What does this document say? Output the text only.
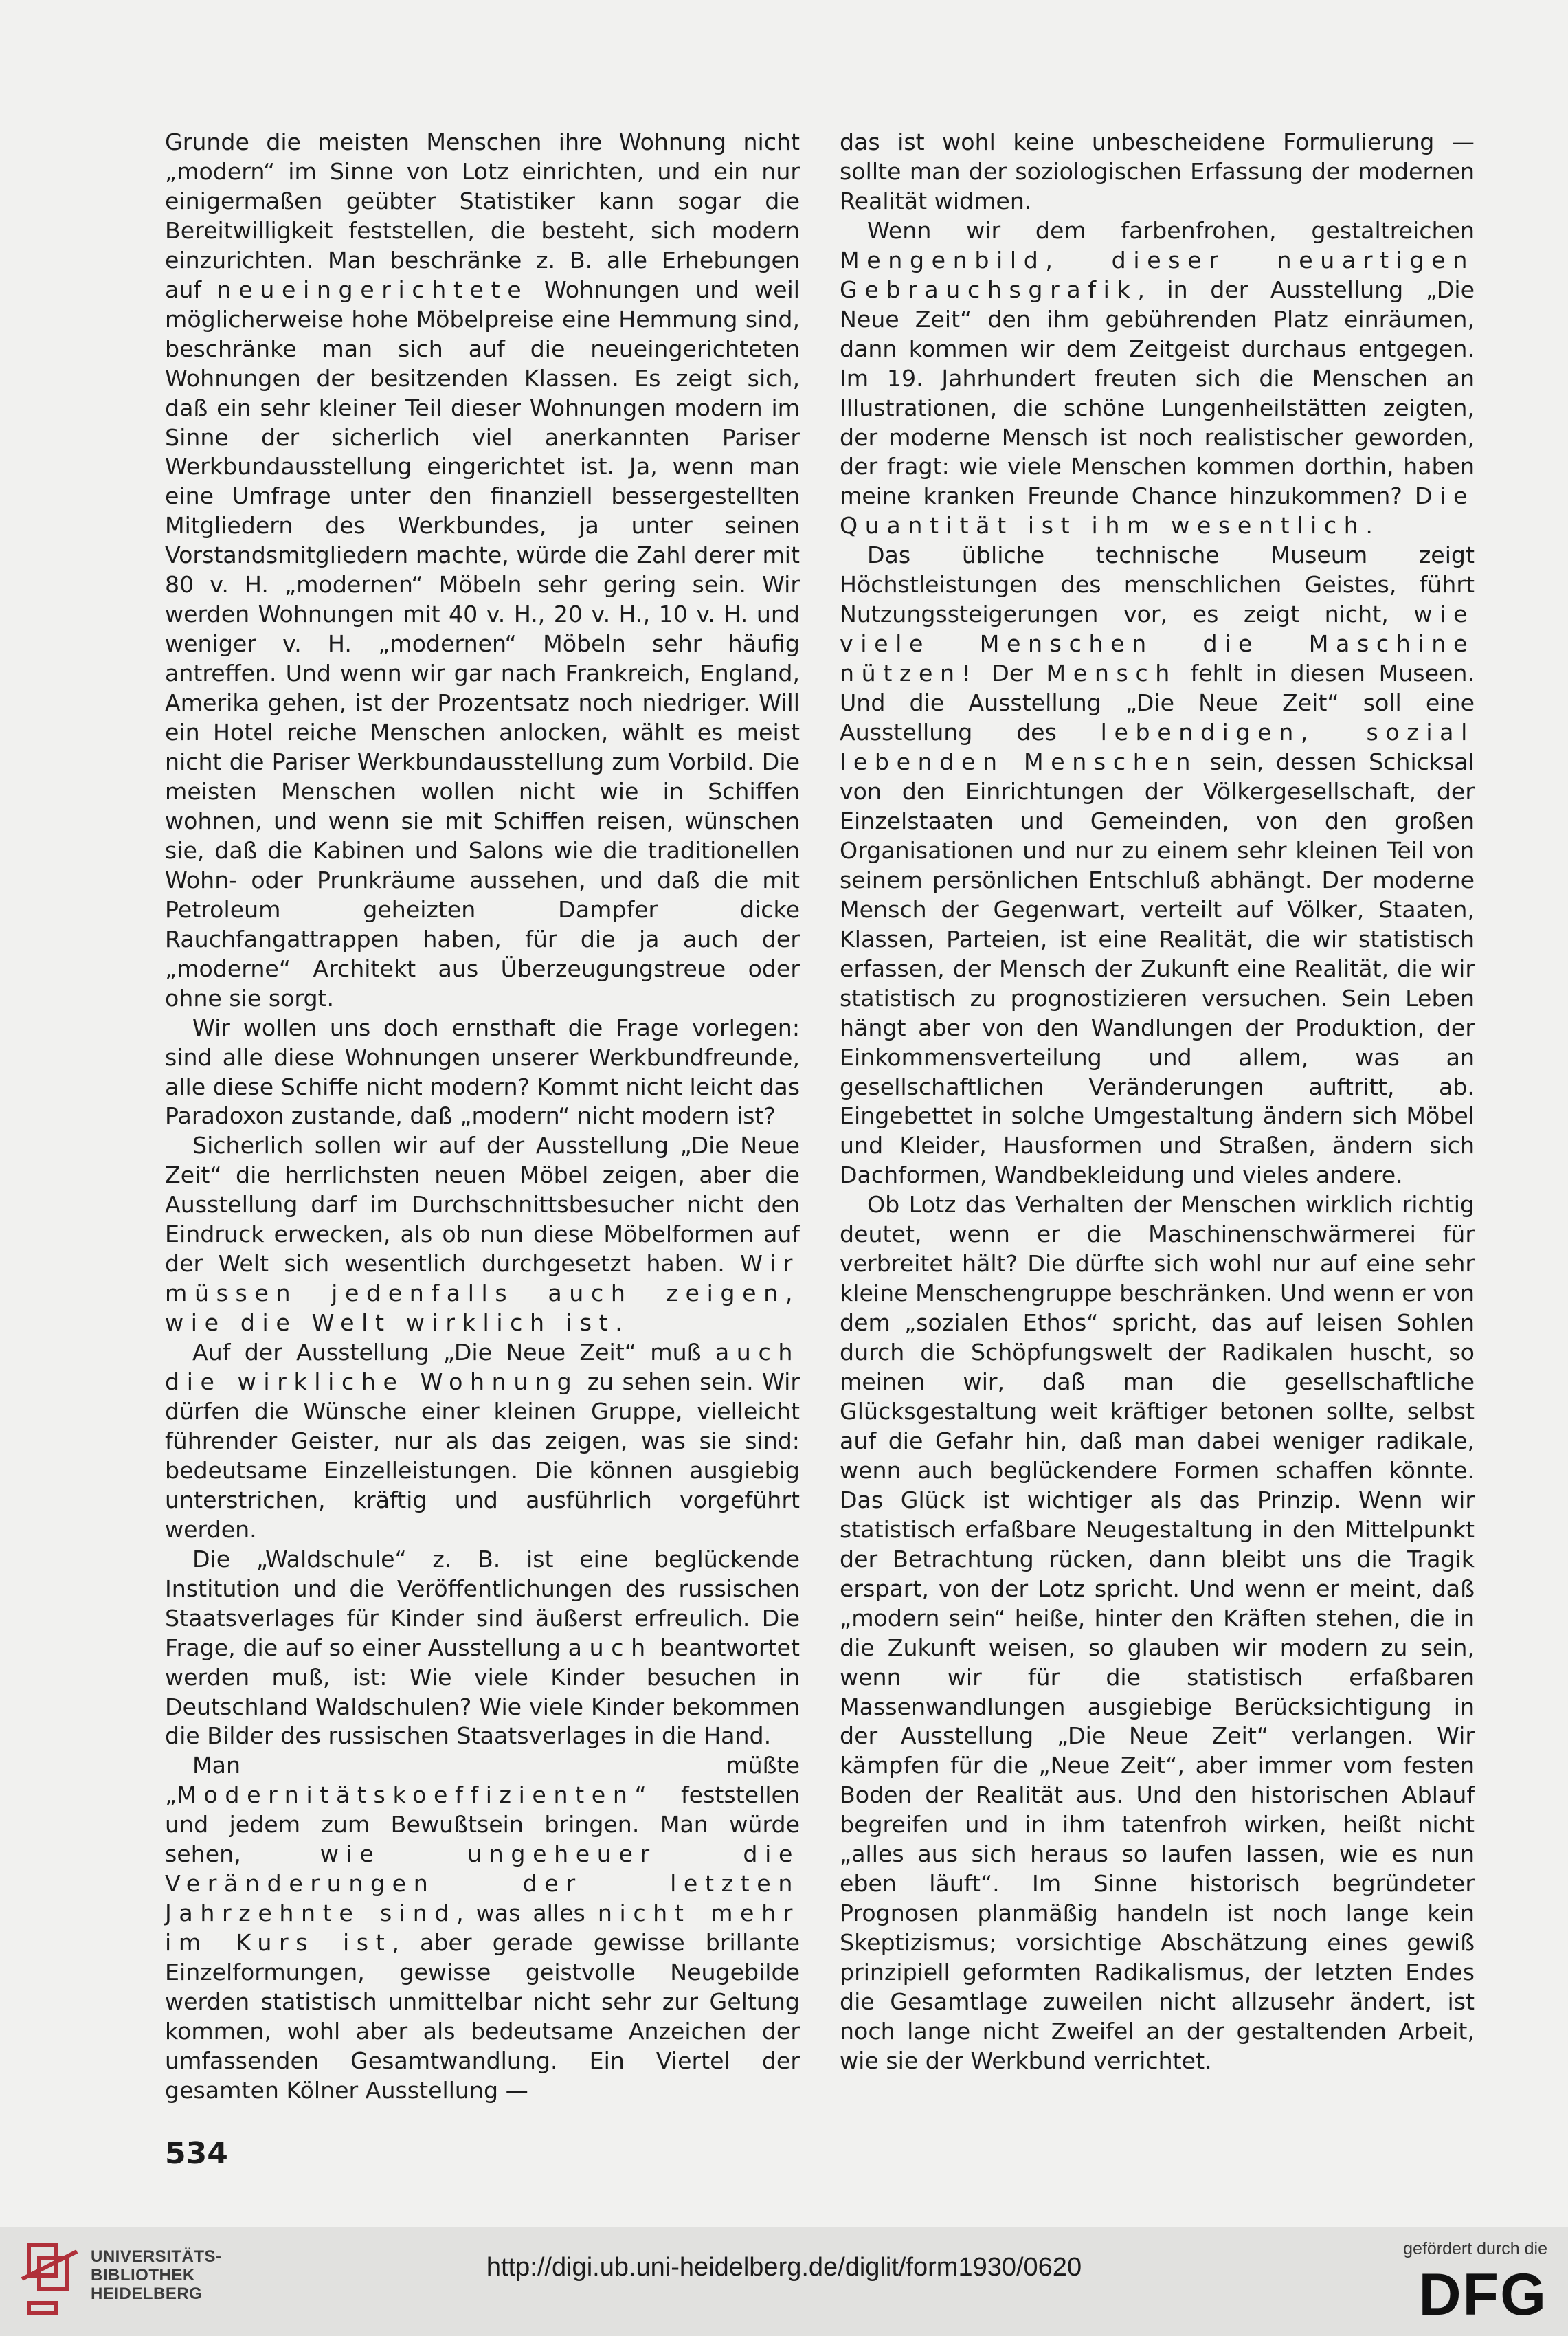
Grunde die meisten Menschen ihre Wohnung nicht „modern“ im Sinne von Lotz einrichten, und ein nur einigermaßen geübter Statistiker kann sogar die Bereitwilligkeit feststellen, die besteht, sich modern einzurichten. Man beschränke z. B. alle Erhebungen auf neueingerichtete Wohnungen und weil möglicherweise hohe Möbelpreise eine Hemmung sind, beschränke man sich auf die neueingerichteten Wohnungen der besitzenden Klassen. Es zeigt sich, daß ein sehr kleiner Teil dieser Wohnungen modern im Sinne der sicherlich viel anerkannten Pariser Werkbundausstellung eingerichtet ist. Ja, wenn man eine Umfrage unter den finanziell bessergestellten Mitgliedern des Werkbundes, ja unter seinen Vorstandsmitgliedern machte, würde die Zahl derer mit 80 v. H. „modernen“ Möbeln sehr gering sein. Wir werden Wohnungen mit 40 v. H., 20 v. H., 10 v. H. und weniger v. H. „modernen“ Möbeln sehr häufig antreffen. Und wenn wir gar nach Frankreich, England, Amerika gehen, ist der Prozentsatz noch niedriger. Will ein Hotel reiche Menschen anlocken, wählt es meist nicht die Pariser Werkbundausstellung zum Vorbild. Die meisten Menschen wollen nicht wie in Schiffen wohnen, und wenn sie mit Schiffen reisen, wünschen sie, daß die Kabinen und Salons wie die traditionellen Wohn- oder Prunkräume aussehen, und daß die mit Petroleum geheizten Dampfer dicke Rauchfangattrappen haben, für die ja auch der „moderne“ Architekt aus Überzeugungstreue oder ohne sie sorgt.

Wir wollen uns doch ernsthaft die Frage vorlegen: sind alle diese Wohnungen unserer Werkbundfreunde, alle diese Schiffe nicht modern? Kommt nicht leicht das Paradoxon zustande, daß „modern“ nicht modern ist?

Sicherlich sollen wir auf der Ausstellung „Die Neue Zeit“ die herrlichsten neuen Möbel zeigen, aber die Ausstellung darf im Durchschnittsbesucher nicht den Eindruck erwecken, als ob nun diese Möbelformen auf der Welt sich wesentlich durchgesetzt haben. Wir müssen jedenfalls auch zeigen, wie die Welt wirklich ist.

Auf der Ausstellung „Die Neue Zeit“ muß auch die wirkliche Wohnung zu sehen sein. Wir dürfen die Wünsche einer kleinen Gruppe, vielleicht führender Geister, nur als das zeigen, was sie sind: bedeutsame Einzelleistungen. Die können ausgiebig unterstrichen, kräftig und ausführlich vorgeführt werden.

Die „Waldschule“ z. B. ist eine beglückende Institution und die Veröffentlichungen des russischen Staatsverlages für Kinder sind äußerst erfreulich. Die Frage, die auf so einer Ausstellung auch beantwortet werden muß, ist: Wie viele Kinder besuchen in Deutschland Waldschulen? Wie viele Kinder bekommen die Bilder des russischen Staatsverlages in die Hand.

Man müßte „Modernitätskoeffizienten“ feststellen und jedem zum Bewußtsein bringen. Man würde sehen, wie ungeheuer die Veränderungen der letzten Jahrzehnte sind, was alles nicht mehr im Kurs ist, aber gerade gewisse brillante Einzelformungen, gewisse geistvolle Neugebilde werden statistisch unmittelbar nicht sehr zur Geltung kommen, wohl aber als bedeutsame Anzeichen der umfassenden Gesamtwandlung. Ein Viertel der gesamten Kölner Ausstellung —

das ist wohl keine unbescheidene Formulierung — sollte man der soziologischen Erfassung der modernen Realität widmen.

Wenn wir dem farbenfrohen, gestaltreichen Mengenbild, dieser neuartigen Gebrauchsgrafik, in der Ausstellung „Die Neue Zeit“ den ihm gebührenden Platz einräumen, dann kommen wir dem Zeitgeist durchaus entgegen. Im 19. Jahrhundert freuten sich die Menschen an Illustrationen, die schöne Lungenheilstätten zeigten, der moderne Mensch ist noch realistischer geworden, der fragt: wie viele Menschen kommen dorthin, haben meine kranken Freunde Chance hinzukommen? Die Quantität ist ihm wesentlich.

Das übliche technische Museum zeigt Höchstleistungen des menschlichen Geistes, führt Nutzungssteigerungen vor, es zeigt nicht, wie viele Menschen die Maschine nützen! Der Mensch fehlt in diesen Museen. Und die Ausstellung „Die Neue Zeit“ soll eine Ausstellung des lebendigen, sozial lebenden Menschen sein, dessen Schicksal von den Einrichtungen der Völkergesellschaft, der Einzelstaaten und Gemeinden, von den großen Organisationen und nur zu einem sehr kleinen Teil von seinem persönlichen Entschluß abhängt. Der moderne Mensch der Gegenwart, verteilt auf Völker, Staaten, Klassen, Parteien, ist eine Realität, die wir statistisch erfassen, der Mensch der Zukunft eine Realität, die wir statistisch zu prognostizieren versuchen. Sein Leben hängt aber von den Wandlungen der Produktion, der Einkommensverteilung und allem, was an gesellschaftlichen Veränderungen auftritt, ab. Eingebettet in solche Umgestaltung ändern sich Möbel und Kleider, Hausformen und Straßen, ändern sich Dachformen, Wandbekleidung und vieles andere.

Ob Lotz das Verhalten der Menschen wirklich richtig deutet, wenn er die Maschinenschwärmerei für verbreitet hält? Die dürfte sich wohl nur auf eine sehr kleine Menschengruppe beschränken. Und wenn er von dem „sozialen Ethos“ spricht, das auf leisen Sohlen durch die Schöpfungswelt der Radikalen huscht, so meinen wir, daß man die gesellschaftliche Glücksgestaltung weit kräftiger betonen sollte, selbst auf die Gefahr hin, daß man dabei weniger radikale, wenn auch beglückendere Formen schaffen könnte. Das Glück ist wichtiger als das Prinzip. Wenn wir statistisch erfaßbare Neugestaltung in den Mittelpunkt der Betrachtung rücken, dann bleibt uns die Tragik erspart, von der Lotz spricht. Und wenn er meint, daß „modern sein“ heiße, hinter den Kräften stehen, die in die Zukunft weisen, so glauben wir modern zu sein, wenn wir für die statistisch erfaßbaren Massenwandlungen ausgiebige Berücksichtigung in der Ausstellung „Die Neue Zeit“ verlangen. Wir kämpfen für die „Neue Zeit“, aber immer vom festen Boden der Realität aus. Und den historischen Ablauf begreifen und in ihm tatenfroh wirken, heißt nicht „alles aus sich heraus so laufen lassen, wie es nun eben läuft“. Im Sinne historisch begründeter Prognosen planmäßig handeln ist noch lange kein Skeptizismus; vorsichtige Abschätzung eines gewiß prinzipiell geformten Radikalismus, der letzten Endes die Gesamtlage zuweilen nicht allzusehr ändert, ist noch lange nicht Zweifel an der gestaltenden Arbeit, wie sie der Werkbund verrichtet.

534
UNIVERSITÄTS-
BIBLIOTHEK
HEIDELBERG
http://digi.ub.uni-heidelberg.de/diglit/form1930/0620
gefördert durch die
DFG
